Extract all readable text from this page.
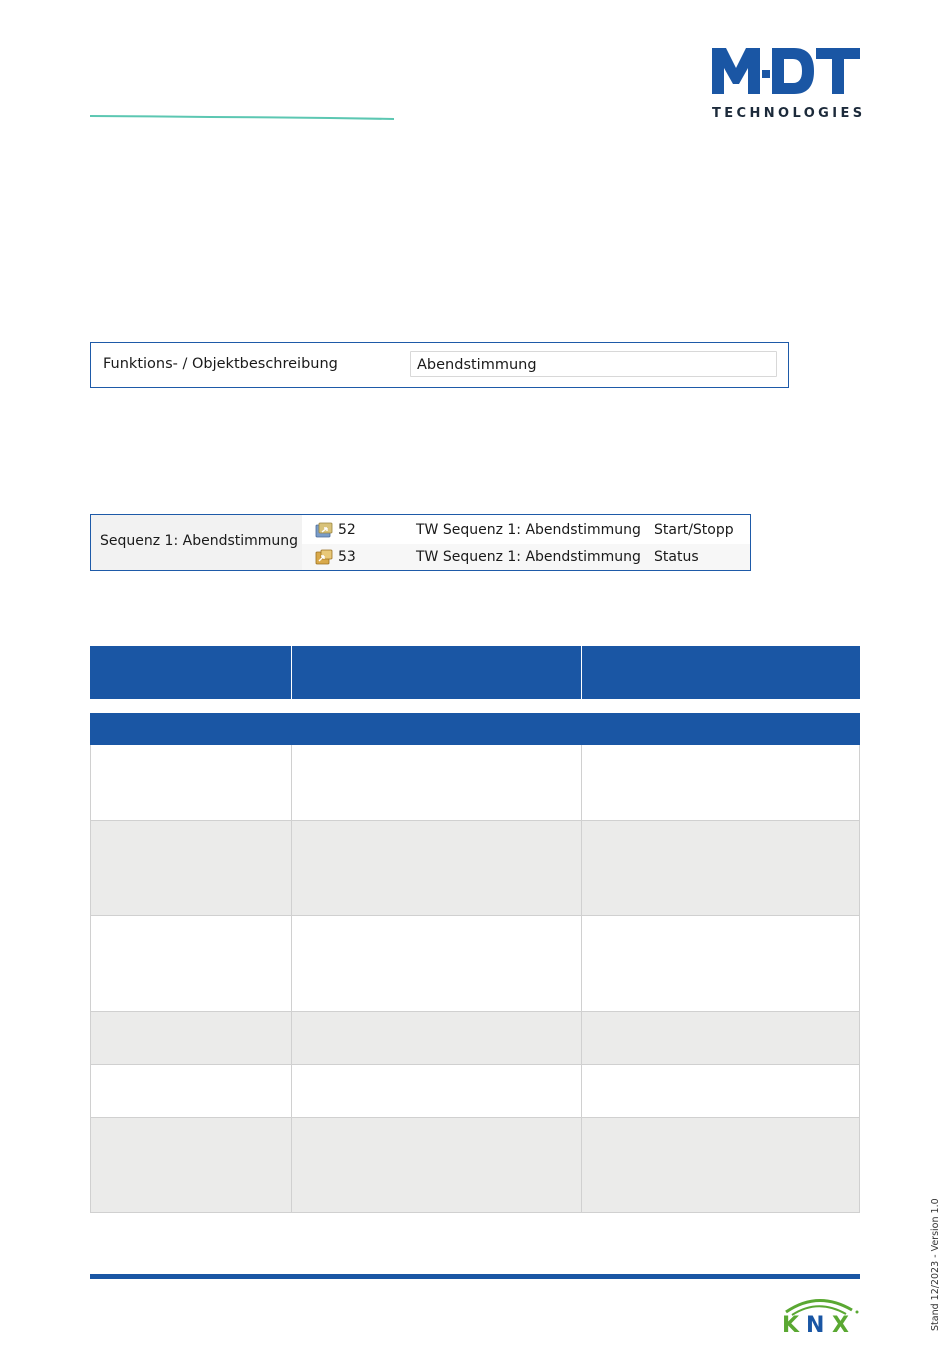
TECHNOLOGIES
Funktions- / Objektbeschreibung	Abendstimmung
Sequenz 1: Abendstimmung
52	TW Sequenz 1: Abendstimmung Start/Stopp
53	TW Sequenz 1: Abendstimmung Status
K N X	Stand 12/2023 - Version 1.0
